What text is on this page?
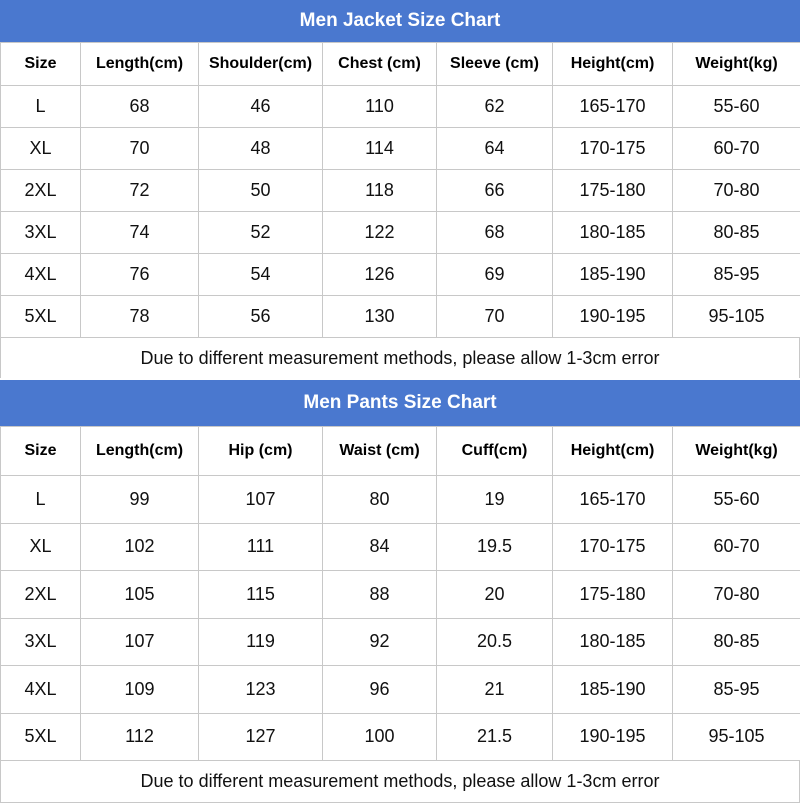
Men Jacket Size Chart
Size	Length(cm)	Shoulder(cm)	Chest (cm)	Sleeve (cm)	Height(cm)	Weight(kg)
L	68	46	110	62	165-170	55-60
XL	70	48	114	64	170-175	60-70
2XL	72	50	118	66	175-180	70-80
3XL	74	52	122	68	180-185	80-85
4XL	76	54	126	69	185-190	85-95
5XL	78	56	130	70	190-195	95-105
Due to different measurement methods, please allow 1-3cm error
Men Pants Size Chart
Size	Length(cm)	Hip (cm)	Waist (cm)	Cuff(cm)	Height(cm)	Weight(kg)
L	99	107	80	19	165-170	55-60
XL	102	111	84	19.5	170-175	60-70
2XL	105	115	88	20	175-180	70-80
3XL	107	119	92	20.5	180-185	80-85
4XL	109	123	96	21	185-190	85-95
5XL	112	127	100	21.5	190-195	95-105
Due to different measurement methods, please allow 1-3cm error
